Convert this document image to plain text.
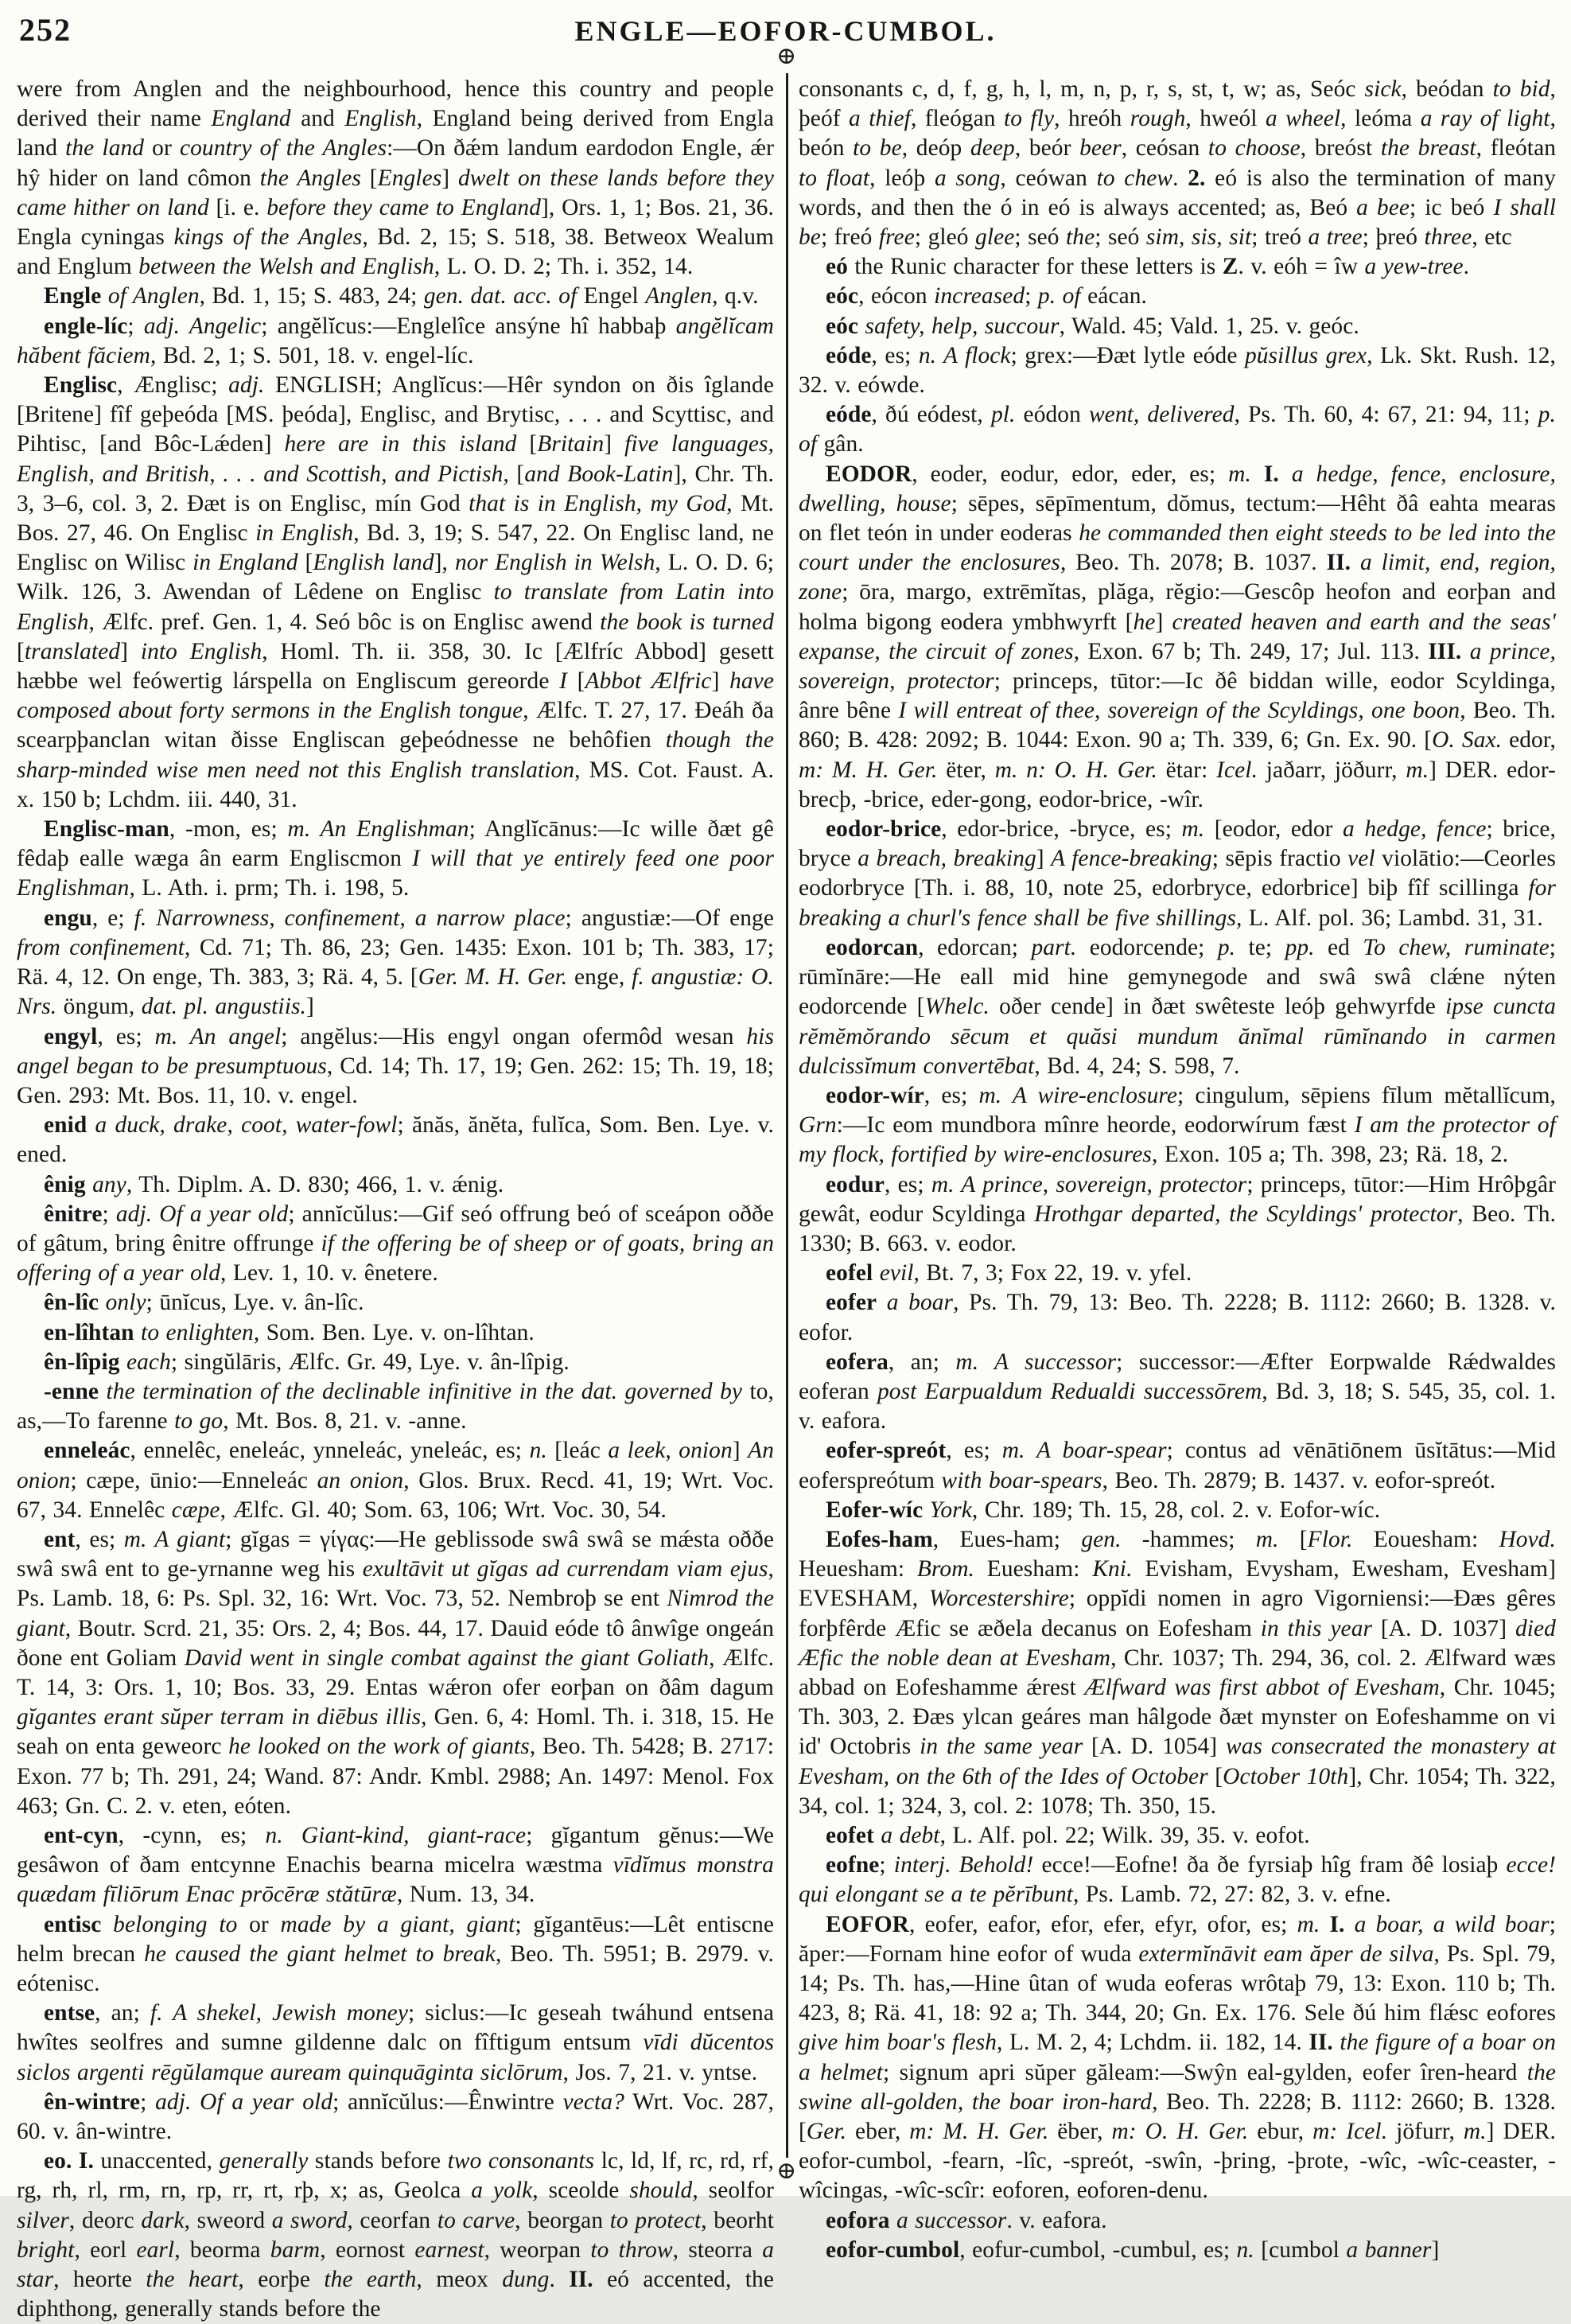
252	ENGLE—EOFOR-CUMBOL.
⊕
⊕

were from Anglen and the neighbourhood, hence this country and people derived their name England and English, England being derived from Engla land the land or country of the Angles:—On ðǽm landum eardodon Engle, ǽr hŷ hider on land cômon the Angles [Engles] dwelt on these lands before they came hither on land [i. e. before they came to England], Ors. 1, 1; Bos. 21, 36. Engla cyningas kings of the Angles, Bd. 2, 15; S. 518, 38. Betweox Wealum and Englum between the Welsh and English, L. O. D. 2; Th. i. 352, 14.

Engle of Anglen, Bd. 1, 15; S. 483, 24; gen. dat. acc. of Engel Anglen, q.v.

engle-líc; adj. Angelic; angĕlĭcus:—Englelîce ansýne hî habbaþ angĕlĭcam hăbent făciem, Bd. 2, 1; S. 501, 18. v. engel-líc.

Englisc, Ænglisc; adj. ENGLISH; Anglĭcus:—Hêr syndon on ðis îglande [Britene] fîf geþeóda [MS. þeóda], Englisc, and Brytisc, . . . and Scyttisc, and Pihtisc, [and Bôc-Lǽden] here are in this island [Britain] five languages, English, and British, . . . and Scottish, and Pictish, [and Book-Latin], Chr. Th. 3, 3–6, col. 3, 2. Ðæt is on Englisc, mín God that is in English, my God, Mt. Bos. 27, 46. On Englisc in English, Bd. 3, 19; S. 547, 22. On Englisc land, ne Englisc on Wilisc in England [English land], nor English in Welsh, L. O. D. 6; Wilk. 126, 3. Awendan of Lêdene on Englisc to translate from Latin into English, Ælfc. pref. Gen. 1, 4. Seó bôc is on Englisc awend the book is turned [translated] into English, Homl. Th. ii. 358, 30. Ic [Ælfríc Abbod] gesett hæbbe wel feówertig lárspella on Engliscum gereorde I [Abbot Ælfric] have composed about forty sermons in the English tongue, Ælfc. T. 27, 17. Ðeáh ða scearpþanclan witan ðisse Engliscan geþeódnesse ne behôfien though the sharp-minded wise men need not this English translation, MS. Cot. Faust. A. x. 150 b; Lchdm. iii. 440, 31.

Englisc-man, -mon, es; m. An Englishman; Anglĭcānus:—Ic wille ðæt gê fêdaþ ealle wæga ân earm Engliscmon I will that ye entirely feed one poor Englishman, L. Ath. i. prm; Th. i. 198, 5.

engu, e; f. Narrowness, confinement, a narrow place; angustiæ:—Of enge from confinement, Cd. 71; Th. 86, 23; Gen. 1435: Exon. 101 b; Th. 383, 17; Rä. 4, 12. On enge, Th. 383, 3; Rä. 4, 5. [Ger. M. H. Ger. enge, f. angustiæ: O. Nrs. öngum, dat. pl. angustiis.]

engyl, es; m. An angel; angĕlus:—His engyl ongan ofermôd wesan his angel began to be presumptuous, Cd. 14; Th. 17, 19; Gen. 262: 15; Th. 19, 18; Gen. 293: Mt. Bos. 11, 10. v. engel.

enid a duck, drake, coot, water-fowl; ănăs, ănĕta, fulĭca, Som. Ben. Lye. v. ened.

ênig any, Th. Diplm. A. D. 830; 466, 1. v. ǽnig.

ênitre; adj. Of a year old; annĭcŭlus:—Gif seó offrung beó of sceápon oððe of gâtum, bring ênitre offrunge if the offering be of sheep or of goats, bring an offering of a year old, Lev. 1, 10. v. ênetere.

ên-lîc only; ūnĭcus, Lye. v. ân-lîc.

en-lîhtan to enlighten, Som. Ben. Lye. v. on-lîhtan.

ên-lîpig each; singŭlāris, Ælfc. Gr. 49, Lye. v. ân-lîpig.

-enne the termination of the declinable infinitive in the dat. governed by to, as,—To farenne to go, Mt. Bos. 8, 21. v. -anne.

enneleác, ennelêc, eneleác, ynneleác, yneleác, es; n. [leác a leek, onion] An onion; cæpe, ūnio:—Enneleác an onion, Glos. Brux. Recd. 41, 19; Wrt. Voc. 67, 34. Ennelêc cæpe, Ælfc. Gl. 40; Som. 63, 106; Wrt. Voc. 30, 54.

ent, es; m. A giant; gĭgas = γίγας:—He geblissode swâ swâ se mǽsta oððe swâ swâ ent to ge-yrnanne weg his exultāvit ut gĭgas ad currendam viam ejus, Ps. Lamb. 18, 6: Ps. Spl. 32, 16: Wrt. Voc. 73, 52. Nembroþ se ent Nimrod the giant, Boutr. Scrd. 21, 35: Ors. 2, 4; Bos. 44, 17. Dauid eóde tô ânwîge ongeán ðone ent Goliam David went in single combat against the giant Goliath, Ælfc. T. 14, 3: Ors. 1, 10; Bos. 33, 29. Entas wǽron ofer eorþan on ðâm dagum gĭgantes erant sŭper terram in diēbus illis, Gen. 6, 4: Homl. Th. i. 318, 15. He seah on enta geweorc he looked on the work of giants, Beo. Th. 5428; B. 2717: Exon. 77 b; Th. 291, 24; Wand. 87: Andr. Kmbl. 2988; An. 1497: Menol. Fox 463; Gn. C. 2. v. eten, eóten.

ent-cyn, -cynn, es; n. Giant-kind, giant-race; gĭgantum gĕnus:—We gesâwon of ðam entcynne Enachis bearna micelra wæstma vīdĭmus monstra quædam fīliōrum Enac prōcēræ stătūræ, Num. 13, 34.

entisc belonging to or made by a giant, giant; gĭgantēus:—Lêt entiscne helm brecan he caused the giant helmet to break, Beo. Th. 5951; B. 2979. v. eótenisc.

entse, an; f. A shekel, Jewish money; siclus:—Ic geseah twáhund entsena hwîtes seolfres and sumne gildenne dalc on fîftigum entsum vīdi dŭcentos siclos argenti rēgŭlamque auream quinquāginta siclōrum, Jos. 7, 21. v. yntse.

ên-wintre; adj. Of a year old; annĭcŭlus:—Ênwintre vecta? Wrt. Voc. 287, 60. v. ân-wintre.

eo. I. unaccented, generally stands before two consonants lc, ld, lf, rc, rd, rf, rg, rh, rl, rm, rn, rp, rr, rt, rþ, x; as, Geolca a yolk, sceolde should, seolfor silver, deorc dark, sweord a sword, ceorfan to carve, beorgan to protect, beorht bright, eorl earl, beorma barm, eornost earnest, weorpan to throw, steorra a star, heorte the heart, eorþe the earth, meox dung. II. eó accented, the diphthong, generally stands before the

consonants c, d, f, g, h, l, m, n, p, r, s, st, t, w; as, Seóc sick, beódan to bid, þeóf a thief, fleógan to fly, hreóh rough, hweól a wheel, leóma a ray of light, beón to be, deóp deep, beór beer, ceósan to choose, breóst the breast, fleótan to float, leóþ a song, ceówan to chew. 2. eó is also the termination of many words, and then the ó in eó is always accented; as, Beó a bee; ic beó I shall be; freó free; gleó glee; seó the; seó sim, sis, sit; treó a tree; þreó three, etc

eó the Runic character for these letters is Z. v. eóh = îw a yew-tree.

eóc, eócon increased; p. of eácan.

eóc safety, help, succour, Wald. 45; Vald. 1, 25. v. geóc.

eóde, es; n. A flock; grex:—Ðæt lytle eóde pŭsillus grex, Lk. Skt. Rush. 12, 32. v. eówde.

eóde, ðú eódest, pl. eódon went, delivered, Ps. Th. 60, 4: 67, 21: 94, 11; p. of gân.

EODOR, eoder, eodur, edor, eder, es; m. I. a hedge, fence, enclosure, dwelling, house; sēpes, sēpīmentum, dŏmus, tectum:—Hêht ðâ eahta mearas on flet teón in under eoderas he commanded then eight steeds to be led into the court under the enclosures, Beo. Th. 2078; B. 1037. II. a limit, end, region, zone; ōra, margo, extrēmĭtas, plăga, rĕgio:—Gescôp heofon and eorþan and holma bigong eodera ymbhwyrft [he] created heaven and earth and the seas' expanse, the circuit of zones, Exon. 67 b; Th. 249, 17; Jul. 113. III. a prince, sovereign, protector; princeps, tūtor:—Ic ðê biddan wille, eodor Scyldinga, ânre bêne I will entreat of thee, sovereign of the Scyldings, one boon, Beo. Th. 860; B. 428: 2092; B. 1044: Exon. 90 a; Th. 339, 6; Gn. Ex. 90. [O. Sax. edor, m: M. H. Ger. ëter, m. n: O. H. Ger. ëtar: Icel. jaðarr, jöðurr, m.] DER. edor-brecþ, -brice, eder-gong, eodor-brice, -wîr.

eodor-brice, edor-brice, -bryce, es; m. [eodor, edor a hedge, fence; brice, bryce a breach, breaking] A fence-breaking; sēpis fractio vel violātio:—Ceorles eodorbryce [Th. i. 88, 10, note 25, edorbryce, edorbrice] biþ fîf scillinga for breaking a churl's fence shall be five shillings, L. Alf. pol. 36; Lambd. 31, 31.

eodorcan, edorcan; part. eodorcende; p. te; pp. ed To chew, ruminate; rūmĭnāre:—He eall mid hine gemynegode and swâ swâ clǽne nýten eodorcende [Whelc. oðer cende] in ðæt swêteste leóþ gehwyrfde ipse cuncta rĕmĕmŏrando sēcum et quăsi mundum ănĭmal rūmĭnando in carmen dulcissĭmum convertēbat, Bd. 4, 24; S. 598, 7.

eodor-wír, es; m. A wire-enclosure; cingulum, sēpiens fīlum mĕtallĭcum, Grn:—Ic eom mundbora mînre heorde, eodorwírum fæst I am the protector of my flock, fortified by wire-enclosures, Exon. 105 a; Th. 398, 23; Rä. 18, 2.

eodur, es; m. A prince, sovereign, protector; princeps, tūtor:—Him Hrôþgâr gewât, eodur Scyldinga Hrothgar departed, the Scyldings' protector, Beo. Th. 1330; B. 663. v. eodor.

eofel evil, Bt. 7, 3; Fox 22, 19. v. yfel.

eofer a boar, Ps. Th. 79, 13: Beo. Th. 2228; B. 1112: 2660; B. 1328. v. eofor.

eofera, an; m. A successor; successor:—Æfter Eorpwalde Rǽdwaldes eoferan post Earpualdum Redualdi successōrem, Bd. 3, 18; S. 545, 35, col. 1. v. eafora.

eofer-spreót, es; m. A boar-spear; contus ad vēnātiōnem ūsĭtātus:—Mid eoferspreótum with boar-spears, Beo. Th. 2879; B. 1437. v. eofor-spreót.

Eofer-wíc York, Chr. 189; Th. 15, 28, col. 2. v. Eofor-wíc.

Eofes-ham, Eues-ham; gen. -hammes; m. [Flor. Eouesham: Hovd. Heuesham: Brom. Euesham: Kni. Evisham, Evysham, Ewesham, Evesham] EVESHAM, Worcestershire; oppĭdi nomen in agro Vigorniensi:—Ðæs gêres forþfêrde Æfic se æðela decanus on Eofesham in this year [A. D. 1037] died Æfic the noble dean at Evesham, Chr. 1037; Th. 294, 36, col. 2. Ælfward wæs abbad on Eofeshamme ǽrest Ælfward was first abbot of Evesham, Chr. 1045; Th. 303, 2. Ðæs ylcan geáres man hâlgode ðæt mynster on Eofeshamme on vi id' Octobris in the same year [A. D. 1054] was consecrated the monastery at Evesham, on the 6th of the Ides of October [October 10th], Chr. 1054; Th. 322, 34, col. 1; 324, 3, col. 2: 1078; Th. 350, 15.

eofet a debt, L. Alf. pol. 22; Wilk. 39, 35. v. eofot.

eofne; interj. Behold! ecce!—Eofne! ða ðe fyrsiaþ hîg fram ðê losiaþ ecce! qui elongant se a te pĕrībunt, Ps. Lamb. 72, 27: 82, 3. v. efne.

EOFOR, eofer, eafor, efor, efer, efyr, ofor, es; m. I. a boar, a wild boar; ăper:—Fornam hine eofor of wuda extermĭnāvit eam ăper de silva, Ps. Spl. 79, 14; Ps. Th. has,—Hine ûtan of wuda eoferas wrôtaþ 79, 13: Exon. 110 b; Th. 423, 8; Rä. 41, 18: 92 a; Th. 344, 20; Gn. Ex. 176. Sele ðú him flǽsc eofores give him boar's flesh, L. M. 2, 4; Lchdm. ii. 182, 14. II. the figure of a boar on a helmet; signum apri sŭper găleam:—Swŷn eal-gylden, eofer îren-heard the swine all-golden, the boar iron-hard, Beo. Th. 2228; B. 1112: 2660; B. 1328. [Ger. eber, m: M. H. Ger. ëber, m: O. H. Ger. ebur, m: Icel. jöfurr, m.] DER. eofor-cumbol, -fearn, -lîc, -spreót, -swîn, -þring, -þrote, -wîc, -wîc-ceaster, -wîcingas, -wîc-scîr: eoforen, eoforen-denu.

eofora a successor. v. eafora.

eofor-cumbol, eofur-cumbol, -cumbul, es; n. [cumbol a banner]
